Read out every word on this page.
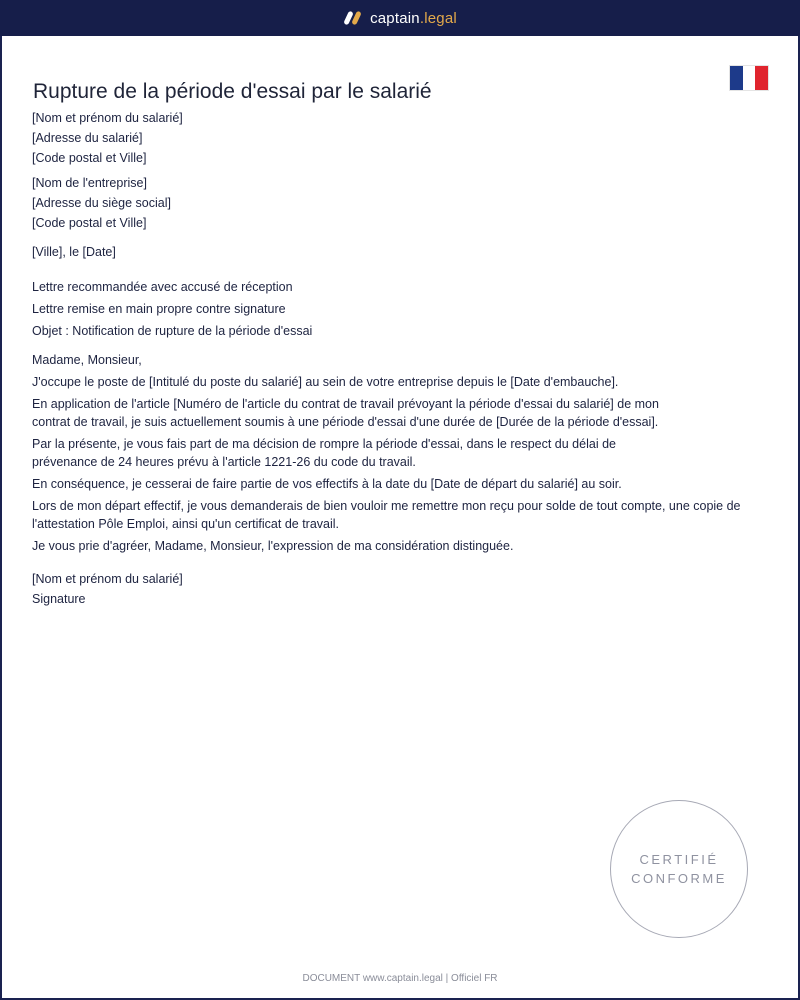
captain.legal
Rupture de la période d'essai par le salarié

[Nom et prénom du salarié]

[Adresse du salarié]

[Code postal et Ville]

[Nom de l'entreprise]

[Adresse du siège social]

[Code postal et Ville]

[Ville], le [Date]

Lettre recommandée avec accusé de réception

Lettre remise en main propre contre signature

Objet : Notification de rupture de la période d'essai

Madame, Monsieur,

J'occupe le poste de [Intitulé du poste du salarié] au sein de votre entreprise depuis le [Date d'embauche].

En application de l'article [Numéro de l'article du contrat de travail prévoyant la période d'essai du salarié] de mon contrat de travail, je suis actuellement soumis à une période d'essai d'une durée de [Durée de la période d'essai].

Par la présente, je vous fais part de ma décision de rompre la période d'essai, dans le respect du délai de prévenance de 24 heures prévu à l'article 1221-26 du code du travail.

En conséquence, je cesserai de faire partie de vos effectifs à la date du [Date de départ du salarié] au soir.

Lors de mon départ effectif, je vous demanderais de bien vouloir me remettre mon reçu pour solde de tout compte, une copie de l'attestation Pôle Emploi, ainsi qu'un certificat de travail.

Je vous prie d'agréer, Madame, Monsieur, l'expression de ma considération distinguée.

[Nom et prénom du salarié]

Signature

CERTIFIÉ
CONFORME
DOCUMENT www.captain.legal | Officiel FR
